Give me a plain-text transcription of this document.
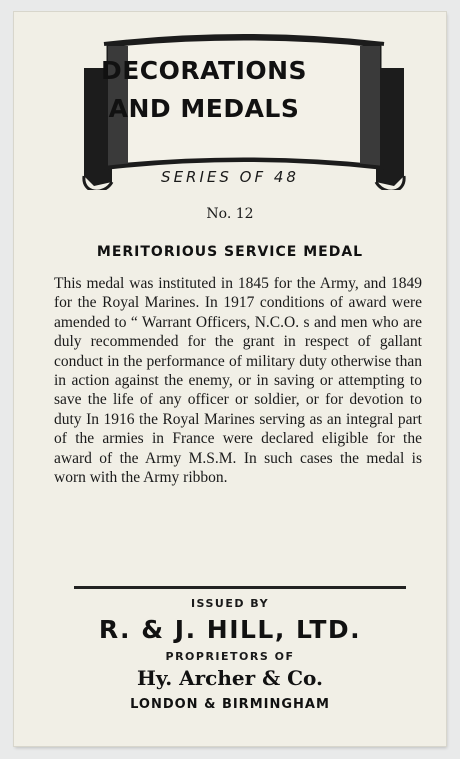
DECORATIONS
AND MEDALS
SERIES OF 48
No. 12
MERITORIOUS SERVICE MEDAL

This medal was instituted in 1845 for the Army, and 1849 for the Royal Marines. In 1917 conditions of award were amended to “ Warrant Officers, N.C.O. s and men who are duly recommended for the grant in respect of gallant conduct in the performance of military duty otherwise than in action against the enemy, or in saving or attempting to save the life of any officer or soldier, or for devotion to duty In 1916 the Royal Marines serving as an integral part of the armies in France were declared eligible for the award of the Army M.S.M. In such cases the medal is worn with the Army ribbon.

ISSUED BY
R. & J. HILL, LTD.
PROPRIETORS OF
Hy. Archer & Co.
LONDON & BIRMINGHAM
